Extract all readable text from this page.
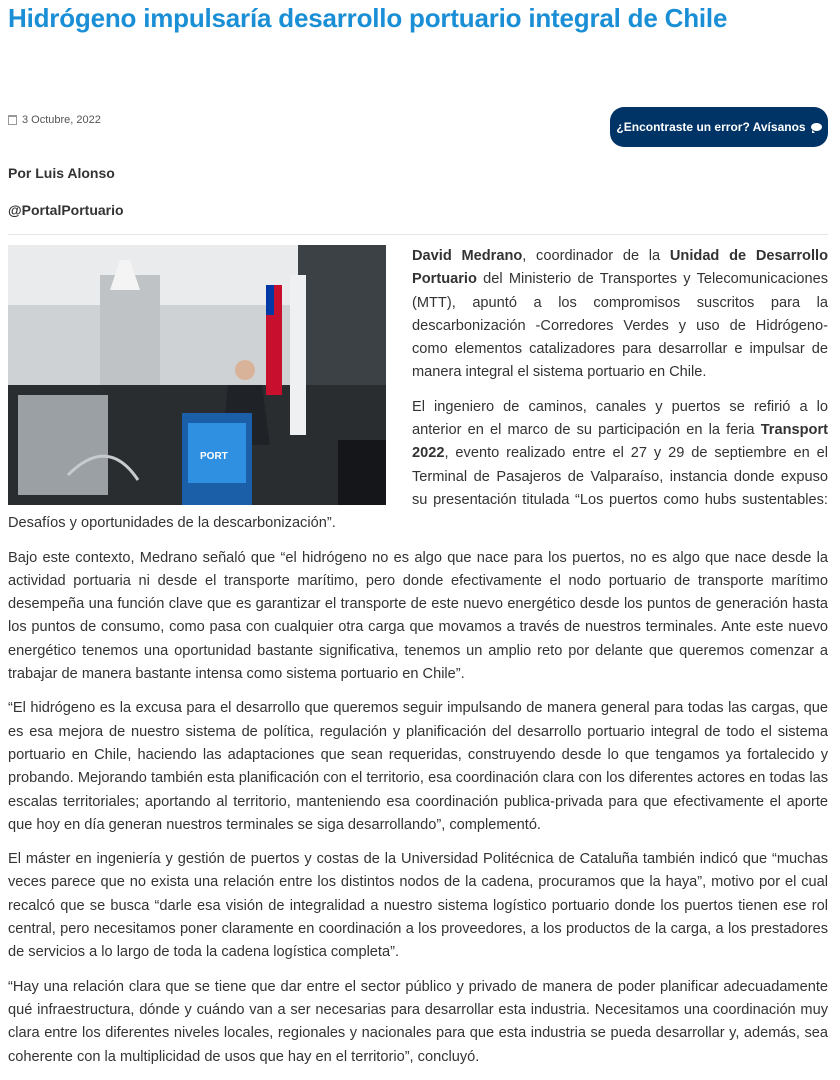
Hidrógeno impulsaría desarrollo portuario integral de Chile
3 Octubre, 2022	¿Encontraste un error? Avísanos
Por Luis Alonso
@PortalPortuario

David Medrano, coordinador de la Unidad de Desarrollo Portuario del Ministerio de Transportes y Telecomunicaciones (MTT), apuntó a los compromisos suscritos para la descarbonización -Corredores Verdes y uso de Hidrógeno- como elementos catalizadores para desarrollar e impulsar de manera integral el sistema portuario en Chile.

El ingeniero de caminos, canales y puertos se refirió a lo anterior en el marco de su participación en la feria Transport 2022, evento realizado entre el 27 y 29 de septiembre en el Terminal de Pasajeros de Valparaíso, instancia donde expuso su presentación titulada “Los puertos como hubs sustentables: Desafíos y oportunidades de la descarbonización”.

Bajo este contexto, Medrano señaló que “el hidrógeno no es algo que nace para los puertos, no es algo que nace desde la actividad portuaria ni desde el transporte marítimo, pero donde efectivamente el nodo portuario de transporte marítimo desempeña una función clave que es garantizar el transporte de este nuevo energético desde los puntos de generación hasta los puntos de consumo, como pasa con cualquier otra carga que movamos a través de nuestros terminales. Ante este nuevo energético tenemos una oportunidad bastante significativa, tenemos un amplio reto por delante que queremos comenzar a trabajar de manera bastante intensa como sistema portuario en Chile”.

“El hidrógeno es la excusa para el desarrollo que queremos seguir impulsando de manera general para todas las cargas, que es esa mejora de nuestro sistema de política, regulación y planificación del desarrollo portuario integral de todo el sistema portuario en Chile, haciendo las adaptaciones que sean requeridas, construyendo desde lo que tengamos ya fortalecido y probando. Mejorando también esta planificación con el territorio, esa coordinación clara con los diferentes actores en todas las escalas territoriales; aportando al territorio, manteniendo esa coordinación publica-privada para que efectivamente el aporte que hoy en día generan nuestros terminales se siga desarrollando”, complementó.

El máster en ingeniería y gestión de puertos y costas de la Universidad Politécnica de Cataluña también indicó que “muchas veces parece que no exista una relación entre los distintos nodos de la cadena, procuramos que la haya”, motivo por el cual recalcó que se busca “darle esa visión de integralidad a nuestro sistema logístico portuario donde los puertos tienen ese rol central, pero necesitamos poner claramente en coordinación a los proveedores, a los productos de la carga, a los prestadores de servicios a lo largo de toda la cadena logística completa”.

“Hay una relación clara que se tiene que dar entre el sector público y privado de manera de poder planificar adecuadamente qué infraestructura, dónde y cuándo van a ser necesarias para desarrollar esta industria. Necesitamos una coordinación muy clara entre los diferentes niveles locales, regionales y nacionales para que esta industria se pueda desarrollar y, además, sea coherente con la multiplicidad de usos que hay en el territorio”, concluyó.

PORT
